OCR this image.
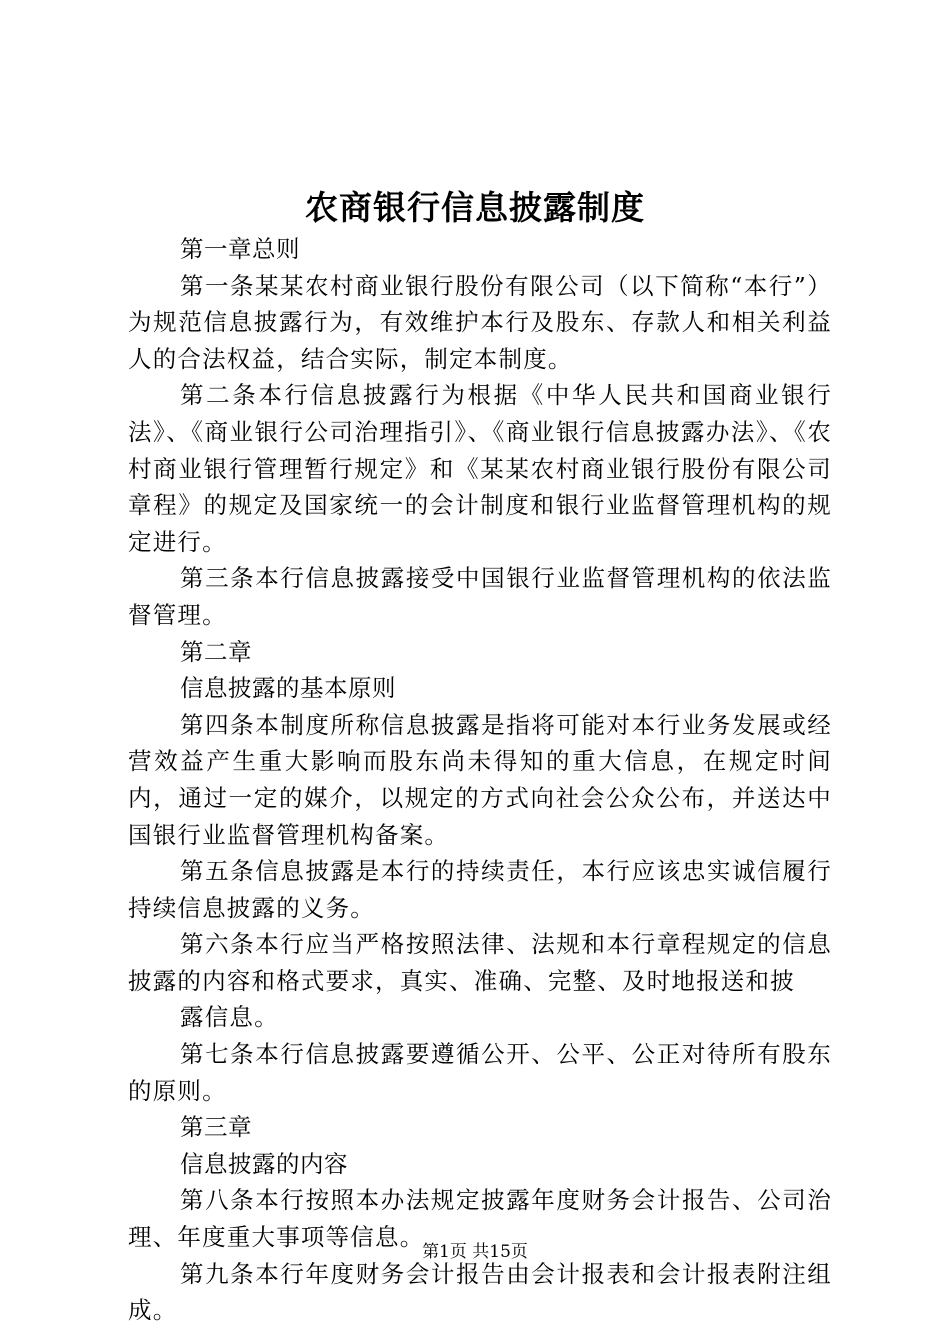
农商银行信息披露制度

第一章总则

第一条某某农村商业银行股份有限公司（以下简称“本行”）为规范信息披露行为，有效维护本行及股东、存款人和相关利益人的合法权益，结合实际，制定本制度。

第二条本行信息披露行为根据《中华人民共和国商业银行法》、《商业银行公司治理指引》、《商业银行信息披露办法》、《农村商业银行管理暂行规定》和《某某农村商业银行股份有限公司章程》的规定及国家统一的会计制度和银行业监督管理机构的规定进行。

第三条本行信息披露接受中国银行业监督管理机构的依法监督管理。

第二章

信息披露的基本原则

第四条本制度所称信息披露是指将可能对本行业务发展或经营效益产生重大影响而股东尚未得知的重大信息，在规定时间内，通过一定的媒介，以规定的方式向社会公众公布，并送达中国银行业监督管理机构备案。

第五条信息披露是本行的持续责任，本行应该忠实诚信履行持续信息披露的义务。

第六条本行应当严格按照法律、法规和本行章程规定的信息披露的内容和格式要求，真实、准确、完整、及时地报送和披

露信息。

第七条本行信息披露要遵循公开、公平、公正对待所有股东的原则。

第三章

信息披露的内容

第八条本行按照本办法规定披露年度财务会计报告、公司治理、年度重大事项等信息。

第九条本行年度财务会计报告由会计报表和会计报表附注组成。

第1页 共15页
